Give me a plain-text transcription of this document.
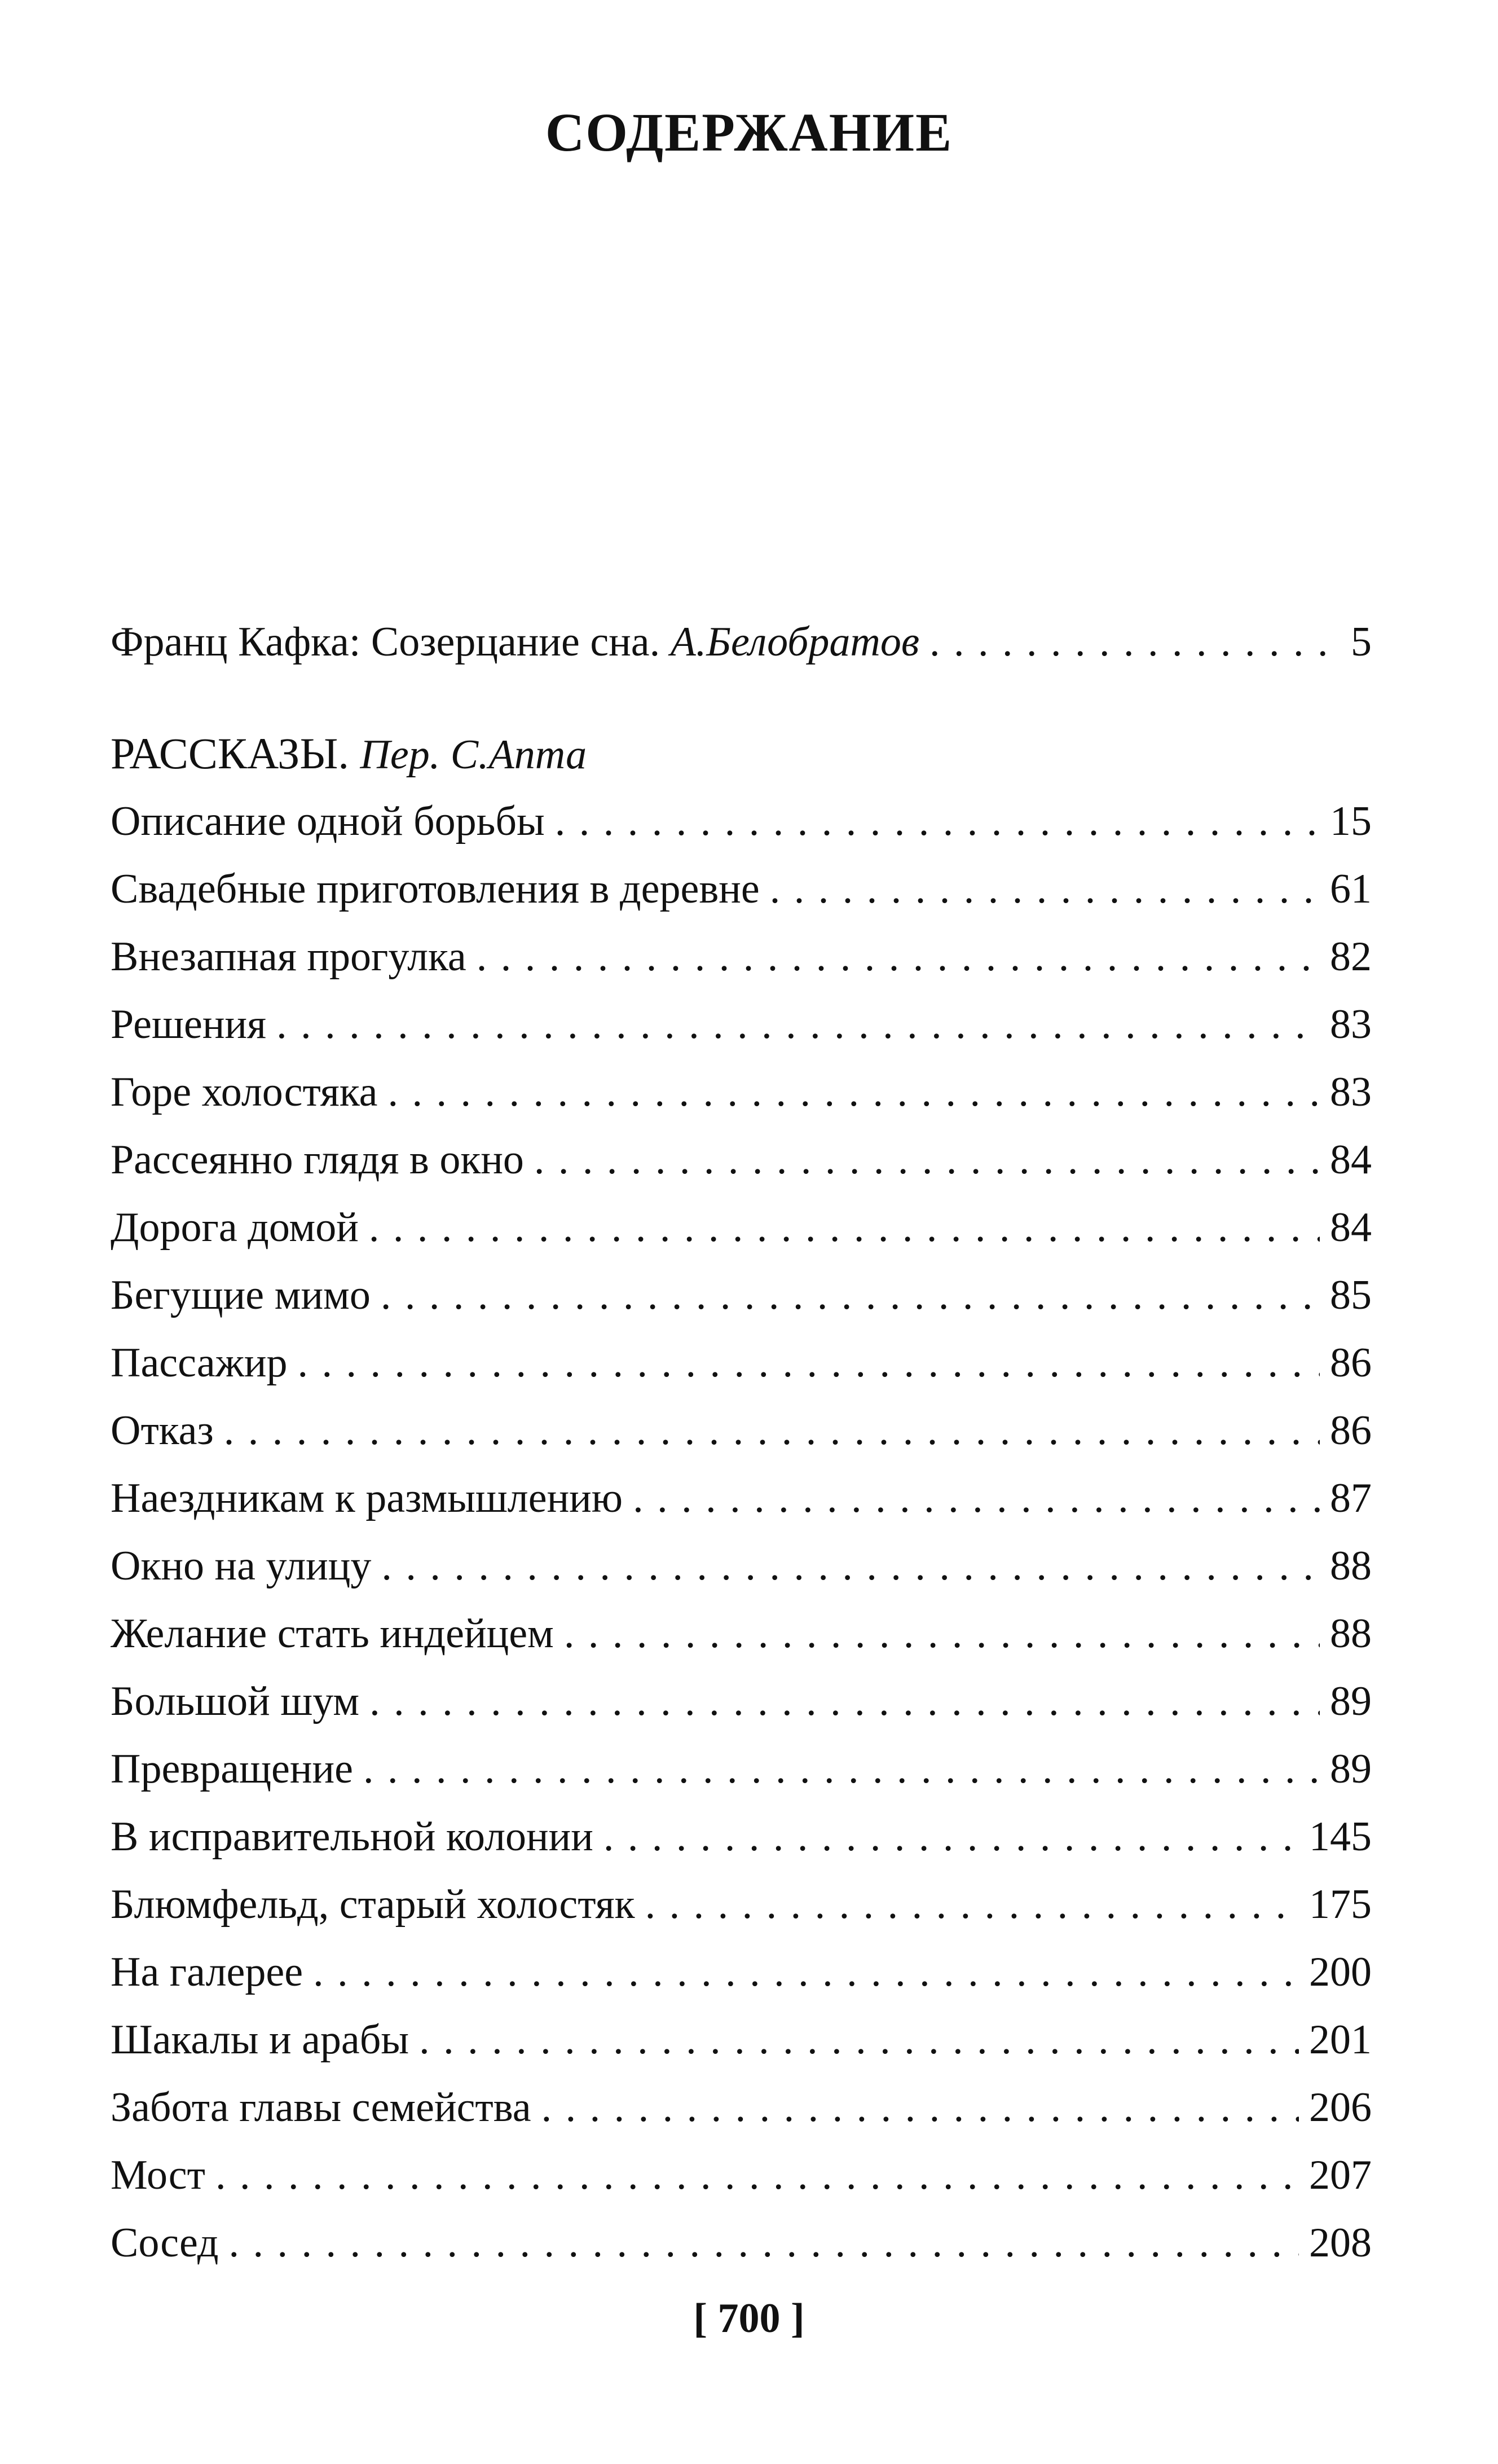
СОДЕРЖАНИЕ
Франц Кафка: Созерцание сна. А.Белобратов . . .	5
РАССКАЗЫ. Пер. С.Апта
Описание одной борьбы . . .	15
Свадебные приготовления в деревне . . .	61
Внезапная прогулка . . .	82
Решения . . .	83
Горе холостяка . . .	83
Рассеянно глядя в окно . . .	84
Дорога домой . . .	84
Бегущие мимо . . .	85
Пассажир . . .	86
Отказ . . .	86
Наездникам к размышлению . . .	87
Окно на улицу . . .	88
Желание стать индейцем . . .	88
Большой шум . . .	89
Превращение . . .	89
В исправительной колонии . . .	145
Блюмфельд, старый холостяк . . .	175
На галерее . . .	200
Шакалы и арабы . . .	201
Забота главы семейства . . .	206
Мост . . .	207
Сосед . . .	208
[ 700 ]
